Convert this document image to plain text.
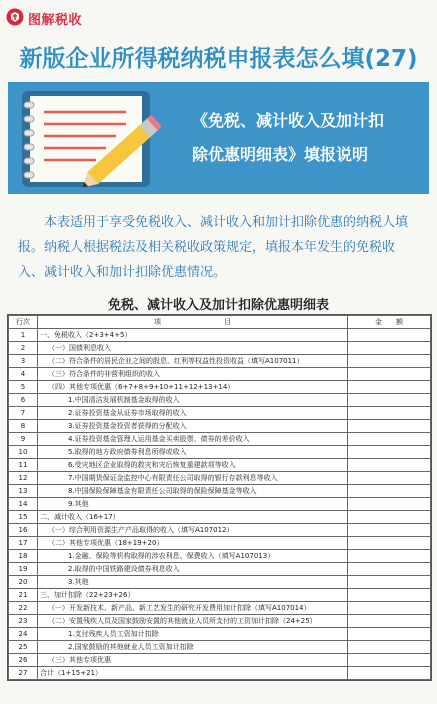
图解税收
新版企业所得税纳税申报表怎么填(27)
《免税、减计收入及加计扣
除优惠明细表》填报说明
本表适用于享受免税收入、减计收入和加计扣除优惠的纳税人填报。纳税人根据税法及相关税收政策规定，填报本年发生的免税收入、减计收入和加计扣除优惠情况。
免税、减计收入及加计扣除优惠明细表
行次	项　　　　　　　　　目	金　　额
1	一、免税收入（2+3+4+5）	
2	（一）国债利息收入	
3	（二）符合条件的居民企业之间的股息、红利等权益性投资收益（填写A107011）	
4	（三）符合条件的非营利组织的收入	
5	（四）其他专项优惠（6+7+8+9+10+11+12+13+14）	
6	1.中国清洁发展机制基金取得的收入	
7	2.证券投资基金从证券市场取得的收入	
8	3.证券投资基金投资者获得的分配收入	
9	4.证券投资基金管理人运用基金买卖股票、债券的差价收入	
10	5.取得的地方政府债券利息所得或收入	
11	6.受灾地区企业取得的救灾和灾后恢复重建款项等收入	
12	7.中国期货保证金监控中心有限责任公司取得的银行存款利息等收入	
13	8.中国保险保障基金有限责任公司取得的保险保障基金等收入	
14	9.其他	
15	二、减计收入（16+17）	
16	（一）综合利用资源生产产品取得的收入（填写A107012）	
17	（二）其他专项优惠（18+19+20）	
18	1.金融、保险等机构取得的涉农利息、保费收入（填写A107013）	
19	2.取得的中国铁路建设债券利息收入	
20	3.其他	
21	三、加计扣除（22+23+26）	
22	（一）开发新技术、新产品、新工艺发生的研究开发费用加计扣除（填写A107014）	
23	（二）安置残疾人员及国家鼓励安置的其他就业人员所支付的工资加计扣除（24+25）	
24	1.支付残疾人员工资加计扣除	
25	2.国家鼓励的其他就业人员工资加计扣除	
26	（三）其他专项优惠	
27	合计（1+15+21）	
